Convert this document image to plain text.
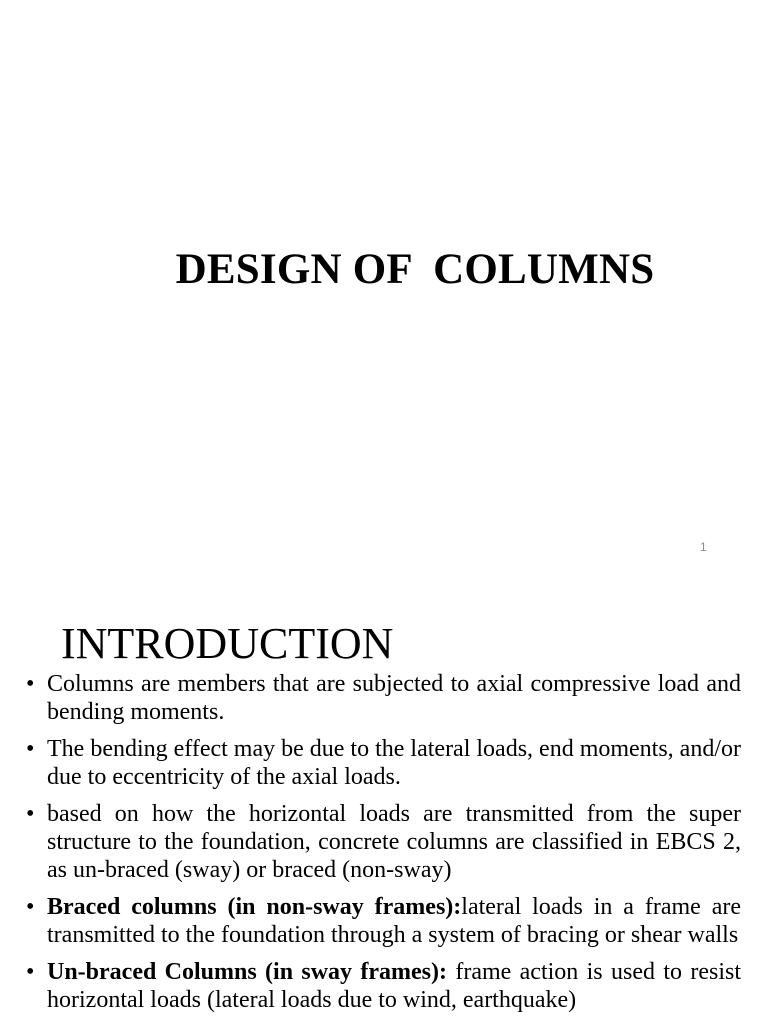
DESIGN OF  COLUMNS
1
INTRODUCTION
• Columns are members that are subjected to axial compressive load and bending moments.
• The bending effect may be due to the lateral loads, end moments, and/or due to eccentricity of the axial loads.
• based on how the horizontal loads are transmitted from the super structure to the foundation, concrete columns are classified in EBCS 2, as un-braced (sway) or braced (non-sway)
• Braced columns (in non-sway frames):lateral loads in a frame are transmitted to the foundation through a system of bracing or shear walls
• Un-braced Columns (in sway frames): frame action is used to resist horizontal loads (lateral loads due to wind, earthquake)
